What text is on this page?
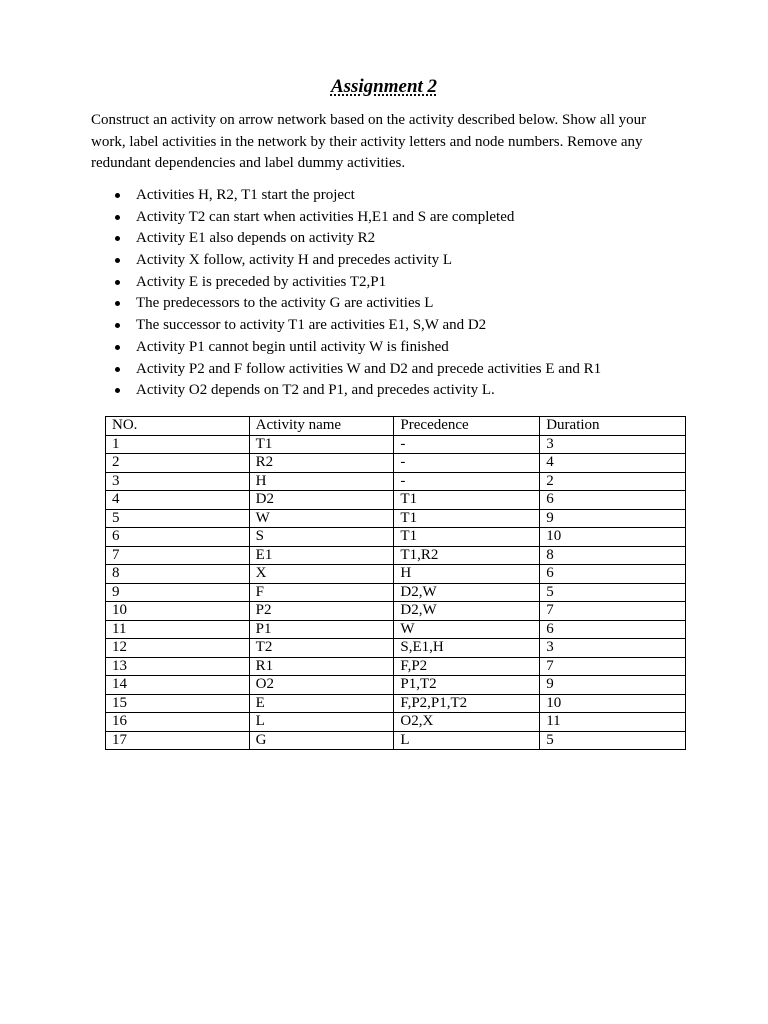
Assignment 2

Construct an activity on arrow network based on the activity described below. Show all your work, label activities in the network by their activity letters and node numbers. Remove any redundant dependencies and label dummy activities.

Activities H, R2, T1 start the project
Activity T2 can start when activities H,E1 and S are completed
Activity E1 also depends on activity R2
Activity X follow, activity H and precedes activity L
Activity E is preceded by activities T2,P1
The predecessors to the activity G are activities L
The successor to activity T1 are activities E1, S,W and D2
Activity P1 cannot begin until activity W is finished
Activity P2 and F follow activities W and D2 and precede activities E and R1
Activity O2 depends on T2 and P1, and precedes activity L.
NO.	Activity name	Precedence	Duration
1	T1	-	3
2	R2	-	4
3	H	-	2
4	D2	T1	6
5	W	T1	9
6	S	T1	10
7	E1	T1,R2	8
8	X	H	6
9	F	D2,W	5
10	P2	D2,W	7
11	P1	W	6
12	T2	S,E1,H	3
13	R1	F,P2	7
14	O2	P1,T2	9
15	E	F,P2,P1,T2	10
16	L	O2,X	11
17	G	L	5
